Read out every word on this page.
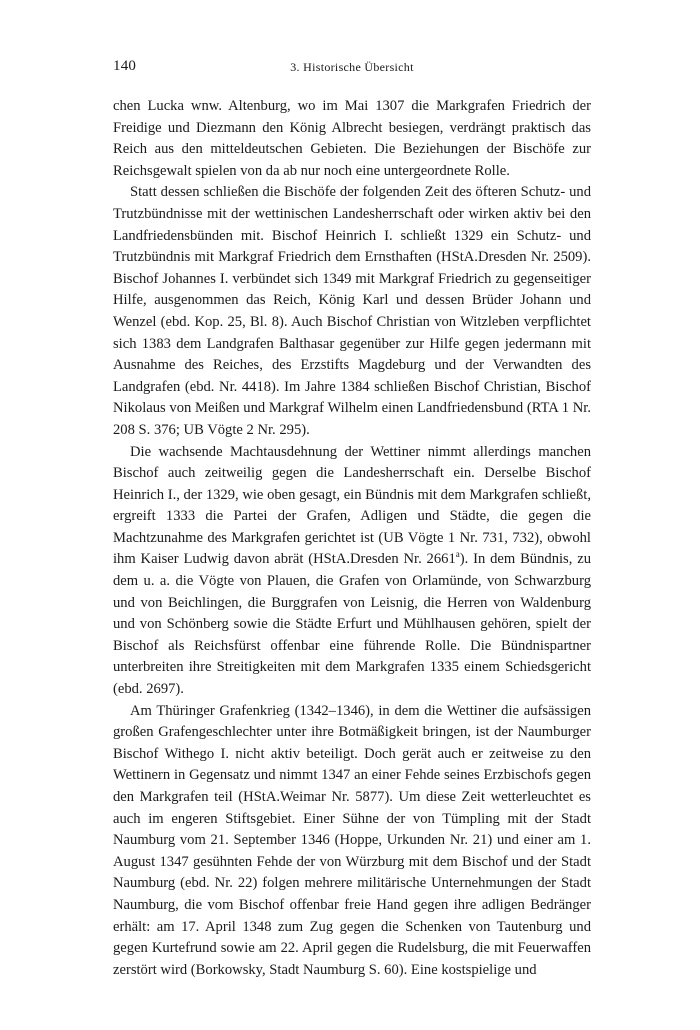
140	3. Historische Übersicht

chen Lucka wnw. Altenburg, wo im Mai 1307 die Markgrafen Friedrich der Freidige und Diezmann den König Albrecht besiegen, verdrängt praktisch das Reich aus den mitteldeutschen Gebieten. Die Beziehungen der Bischöfe zur Reichsgewalt spielen von da ab nur noch eine untergeordnete Rolle.

Statt dessen schließen die Bischöfe der folgenden Zeit des öfteren Schutz- und Trutzbündnisse mit der wettinischen Landesherrschaft oder wirken aktiv bei den Landfriedensbünden mit. Bischof Heinrich I. schließt 1329 ein Schutz- und Trutzbündnis mit Markgraf Friedrich dem Ernsthaften (HStA.Dresden Nr. 2509). Bischof Johannes I. verbündet sich 1349 mit Markgraf Friedrich zu gegenseitiger Hilfe, ausgenommen das Reich, König Karl und dessen Brüder Johann und Wenzel (ebd. Kop. 25, Bl. 8). Auch Bischof Christian von Witzleben verpflichtet sich 1383 dem Landgrafen Balthasar gegenüber zur Hilfe gegen jedermann mit Ausnahme des Reiches, des Erzstifts Magdeburg und der Verwandten des Landgrafen (ebd. Nr. 4418). Im Jahre 1384 schließen Bischof Christian, Bischof Nikolaus von Meißen und Markgraf Wilhelm einen Landfriedensbund (RTA 1 Nr. 208 S. 376; UB Vögte 2 Nr. 295).

Die wachsende Machtausdehnung der Wettiner nimmt allerdings manchen Bischof auch zeitweilig gegen die Landesherrschaft ein. Derselbe Bischof Heinrich I., der 1329, wie oben gesagt, ein Bündnis mit dem Markgrafen schließt, ergreift 1333 die Partei der Grafen, Adligen und Städte, die gegen die Machtzunahme des Markgrafen gerichtet ist (UB Vögte 1 Nr. 731, 732), obwohl ihm Kaiser Ludwig davon abrät (HStA.Dresden Nr. 2661$^a$). In dem Bündnis, zu dem u. a. die Vögte von Plauen, die Grafen von Orlamünde, von Schwarzburg und von Beichlingen, die Burggrafen von Leisnig, die Herren von Waldenburg und von Schönberg sowie die Städte Erfurt und Mühlhausen gehören, spielt der Bischof als Reichsfürst offenbar eine führende Rolle. Die Bündnispartner unterbreiten ihre Streitigkeiten mit dem Markgrafen 1335 einem Schiedsgericht (ebd. 2697).

Am Thüringer Grafenkrieg (1342–1346), in dem die Wettiner die aufsässigen großen Grafengeschlechter unter ihre Botmäßigkeit bringen, ist der Naumburger Bischof Withego I. nicht aktiv beteiligt. Doch gerät auch er zeitweise zu den Wettinern in Gegensatz und nimmt 1347 an einer Fehde seines Erzbischofs gegen den Markgrafen teil (HStA.Weimar Nr. 5877). Um diese Zeit wetterleuchtet es auch im engeren Stiftsgebiet. Einer Sühne der von Tümpling mit der Stadt Naumburg vom 21. September 1346 (Hoppe, Urkunden Nr. 21) und einer am 1. August 1347 gesühnten Fehde der von Würzburg mit dem Bischof und der Stadt Naumburg (ebd. Nr. 22) folgen mehrere militärische Unternehmungen der Stadt Naumburg, die vom Bischof offenbar freie Hand gegen ihre adligen Bedränger erhält: am 17. April 1348 zum Zug gegen die Schenken von Tautenburg und gegen Kurtefrund sowie am 22. April gegen die Rudelsburg, die mit Feuerwaffen zerstört wird (Borkowsky, Stadt Naumburg S. 60). Eine kostspielige und
